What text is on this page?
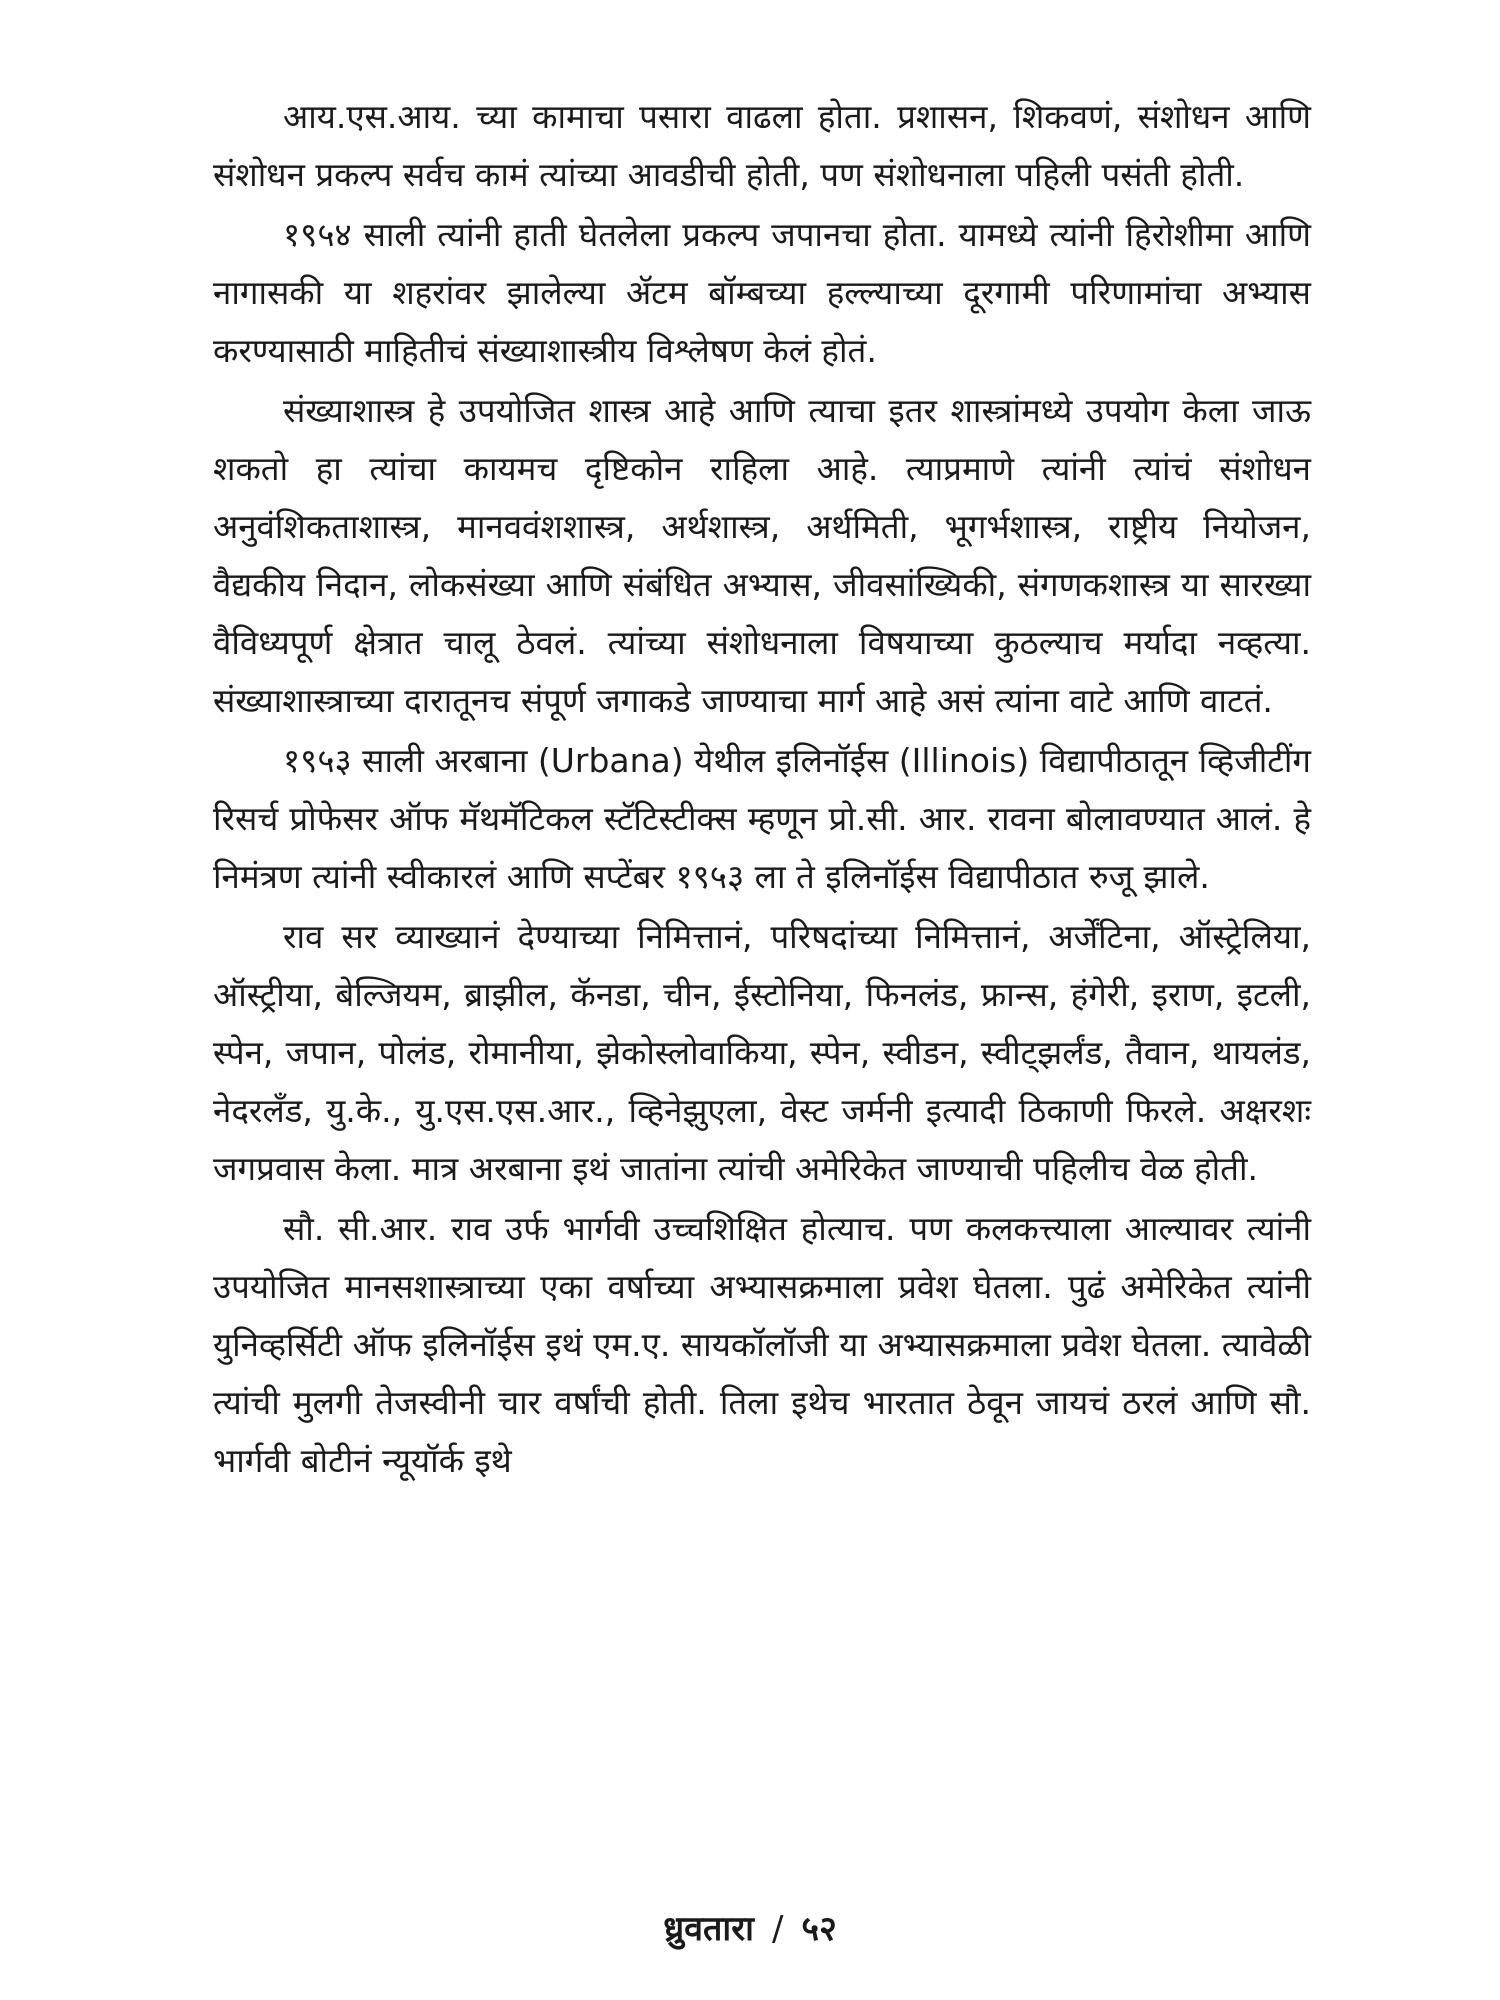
आय.एस.आय. च्या कामाचा पसारा वाढला होता. प्रशासन, शिकवणं, संशोधन आणि संशोधन प्रकल्प सर्वच कामं त्यांच्या आवडीची होती, पण संशोधनाला पहिली पसंती होती.

१९५४ साली त्यांनी हाती घेतलेला प्रकल्प जपानचा होता. यामध्ये त्यांनी हिरोशीमा आणि नागासकी या शहरांवर झालेल्या ॲटम बॉम्बच्या हल्ल्याच्या दूरगामी परिणामांचा अभ्यास करण्यासाठी माहितीचं संख्याशास्त्रीय विश्लेषण केलं होतं.

संख्याशास्त्र हे उपयोजित शास्त्र आहे आणि त्याचा इतर शास्त्रांमध्ये उपयोग केला जाऊ शकतो हा त्यांचा कायमच दृष्टिकोन राहिला आहे. त्याप्रमाणे त्यांनी त्यांचं संशोधन अनुवंशिकताशास्त्र, मानववंशशास्त्र, अर्थशास्त्र, अर्थमिती, भूगर्भशास्त्र, राष्ट्रीय नियोजन, वैद्यकीय निदान, लोकसंख्या आणि संबंधित अभ्यास, जीवसांख्यिकी, संगणकशास्त्र या सारख्या वैविध्यपूर्ण क्षेत्रात चालू ठेवलं. त्यांच्या संशोधनाला विषयाच्या कुठल्याच मर्यादा नव्हत्या. संख्याशास्त्राच्या दारातूनच संपूर्ण जगाकडे जाण्याचा मार्ग आहे असं त्यांना वाटे आणि वाटतं.

१९५३ साली अरबाना (Urbana) येथील इलिनॉईस (Illinois) विद्यापीठातून व्हिजीटींग रिसर्च प्रोफेसर ऑफ मॅथमॅटिकल स्टॅटिस्टीक्स म्हणून प्रो.सी. आर. रावना बोलावण्यात आलं. हे निमंत्रण त्यांनी स्वीकारलं आणि सप्टेंबर १९५३ ला ते इलिनॉईस विद्यापीठात रुजू झाले.

राव सर व्याख्यानं देण्याच्या निमित्तानं, परिषदांच्या निमित्तानं, अर्जेंटिना, ऑस्ट्रेलिया, ऑस्ट्रीया, बेल्जियम, ब्राझील, कॅनडा, चीन, ईस्टोनिया, फिनलंड, फ्रान्स, हंगेरी, इराण, इटली, स्पेन, जपान, पोलंड, रोमानीया, झेकोस्लोवाकिया, स्पेन, स्वीडन, स्वीट्झर्लंड, तैवान, थायलंड, नेदरलँड, यु.के., यु.एस.एस.आर., व्हिनेझुएला, वेस्ट जर्मनी इत्यादी ठिकाणी फिरले. अक्षरशः जगप्रवास केला. मात्र अरबाना इथं जातांना त्यांची अमेरिकेत जाण्याची पहिलीच वेळ होती.

सौ. सी.आर. राव उर्फ भार्गवी उच्चशिक्षित होत्याच. पण कलकत्त्याला आल्यावर त्यांनी उपयोजित मानसशास्त्राच्या एका वर्षाच्या अभ्यासक्रमाला प्रवेश घेतला. पुढं अमेरिकेत त्यांनी युनिव्हर्सिटी ऑफ इलिनॉईस इथं एम.ए. सायकॉलॉजी या अभ्यासक्रमाला प्रवेश घेतला. त्यावेळी त्यांची मुलगी तेजस्वीनी चार वर्षांची होती. तिला इथेच भारतात ठेवून जायचं ठरलं आणि सौ. भार्गवी बोटीनं न्यूयॉर्क इथे

ध्रुवतारा / ५२
